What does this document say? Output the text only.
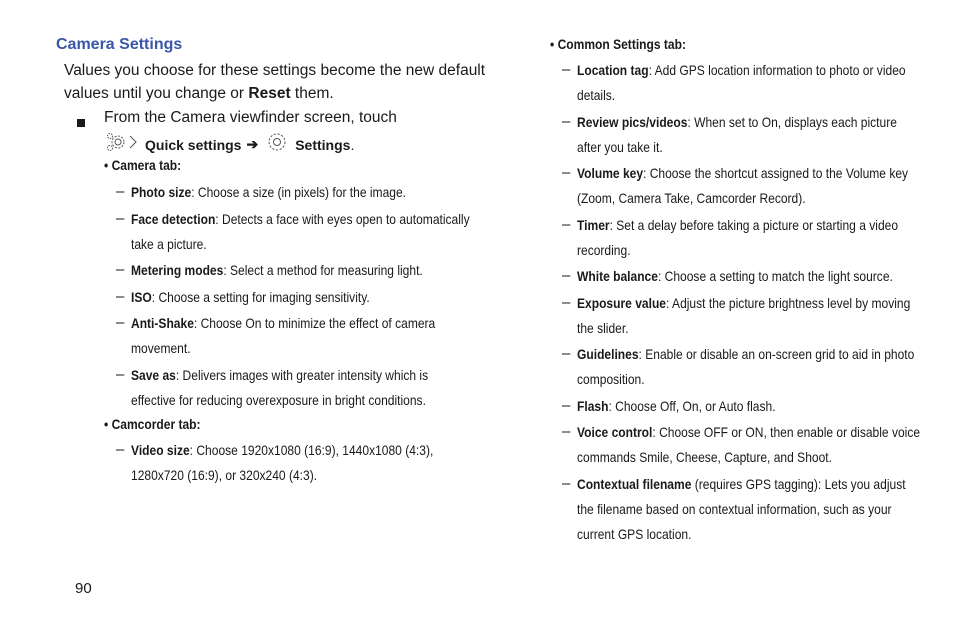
Camera Settings
Values you choose for these settings become the new default
values until you change or Reset them.
From the Camera viewfinder screen, touch
Quick settings ➔	Settings .
• Camera tab:
– Photo size: Choose a size (in pixels) for the image.
– Face detection: Detects a face with eyes open to automatically
take a picture.
– Metering modes: Select a method for measuring light.
– ISO: Choose a setting for imaging sensitivity.
– Anti-Shake: Choose On to minimize the effect of camera
movement.
– Save as: Delivers images with greater intensity which is
effective for reducing overexposure in bright conditions.
• Camcorder tab:
– Video size: Choose 1920x1080 (16:9), 1440x1080 (4:3),
1280x720 (16:9), or 320x240 (4:3).
• Common Settings tab:
– Location tag: Add GPS location information to photo or video
details.
– Review pics/videos: When set to On, displays each picture
after you take it.
– Volume key: Choose the shortcut assigned to the Volume key
(Zoom, Camera Take, Camcorder Record).
– Timer: Set a delay before taking a picture or starting a video
recording.
– White balance: Choose a setting to match the light source.
– Exposure value: Adjust the picture brightness level by moving
the slider.
– Guidelines: Enable or disable an on-screen grid to aid in photo
composition.
– Flash: Choose Off, On, or Auto flash.
– Voice control: Choose OFF or ON, then enable or disable voice
commands Smile, Cheese, Capture, and Shoot.
– Contextual filename (requires GPS tagging): Lets you adjust
the filename based on contextual information, such as your
current GPS location.
90
